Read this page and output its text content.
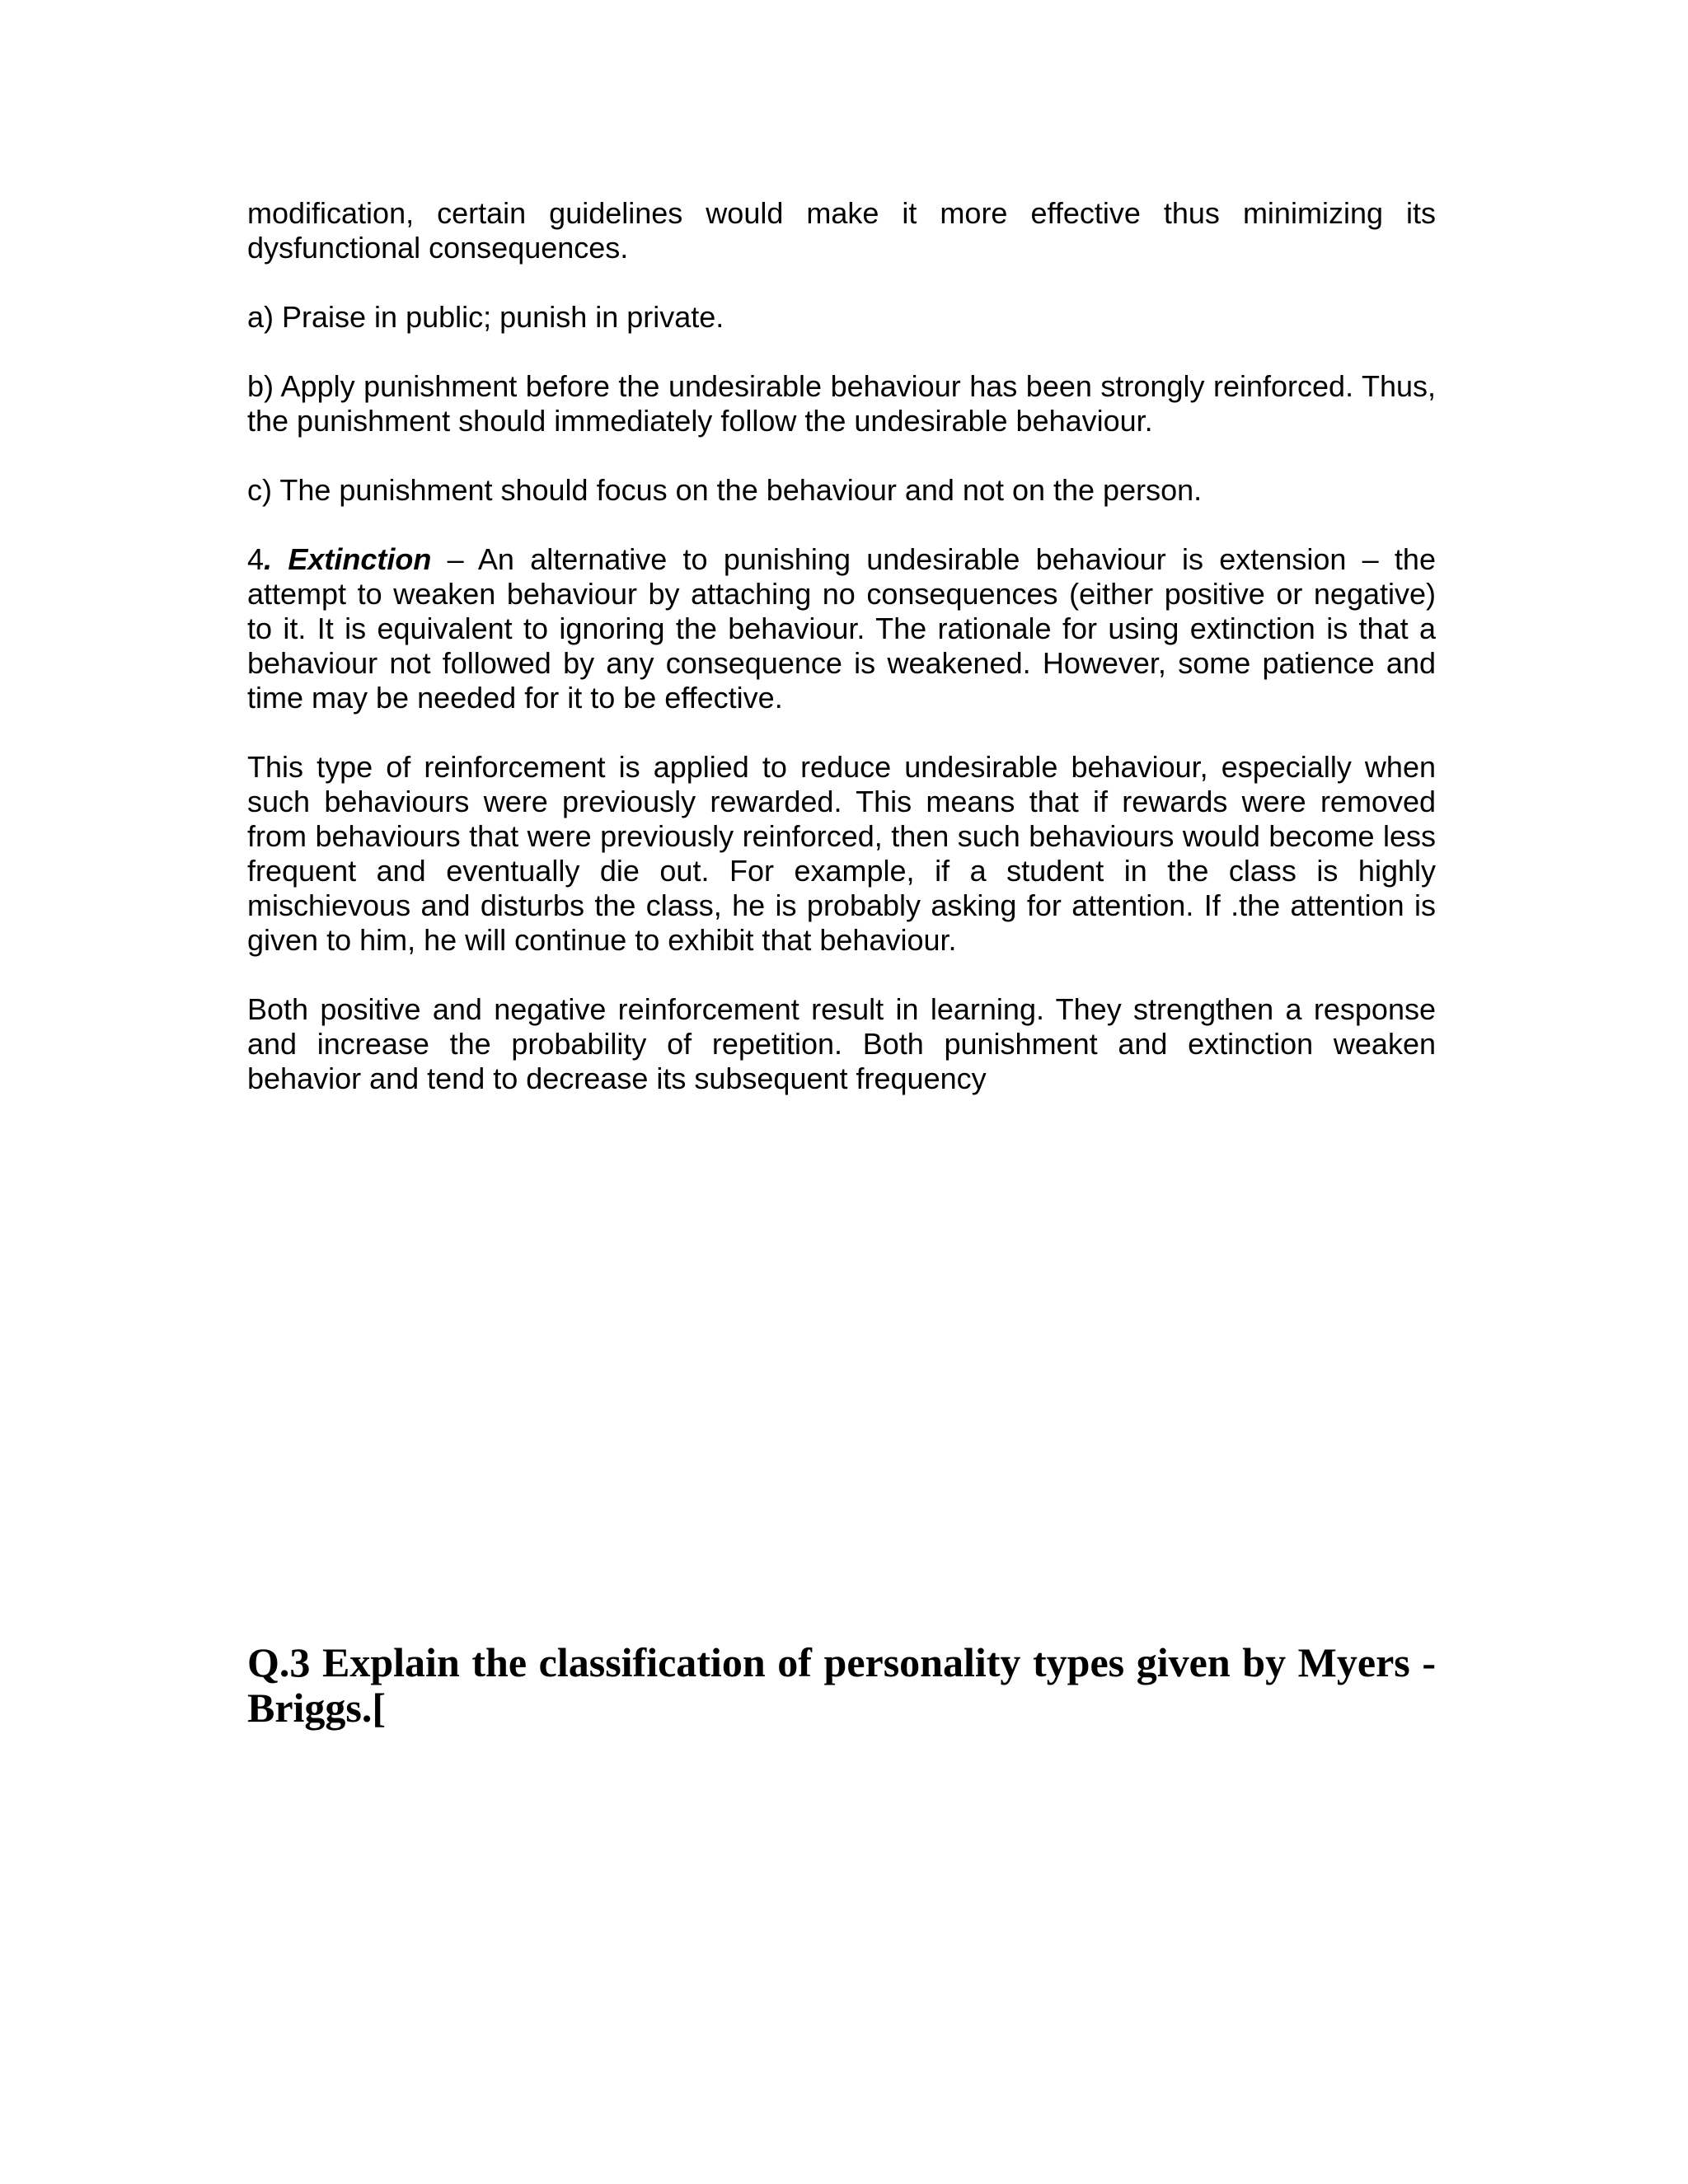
modification, certain guidelines would make it more effective thus minimizing its dysfunctional consequences.

a) Praise in public; punish in private.

b) Apply punishment before the undesirable behaviour has been strongly reinforced. Thus, the punishment should immediately follow the undesirable behaviour.

c) The punishment should focus on the behaviour and not on the person.

4. Extinction – An alternative to punishing undesirable behaviour is extension – the attempt to weaken behaviour by attaching no consequences (either positive or negative) to it. It is equivalent to ignoring the behaviour. The rationale for using extinction is that a behaviour not followed by any consequence is weakened. However, some patience and time may be needed for it to be effective.

This type of reinforcement is applied to reduce undesirable behaviour, especially when such behaviours were previously rewarded. This means that if rewards were removed from behaviours that were previously reinforced, then such behaviours would become less frequent and eventually die out. For example, if a student in the class is highly mischievous and disturbs the class, he is probably asking for attention. If .the attention is given to him, he will continue to exhibit that behaviour.

Both positive and negative reinforcement result in learning. They strengthen a response and increase the probability of repetition. Both punishment and extinction weaken behavior and tend to decrease its subsequent frequency

Q.3 Explain the classification of personality types given by Myers - Briggs.[
